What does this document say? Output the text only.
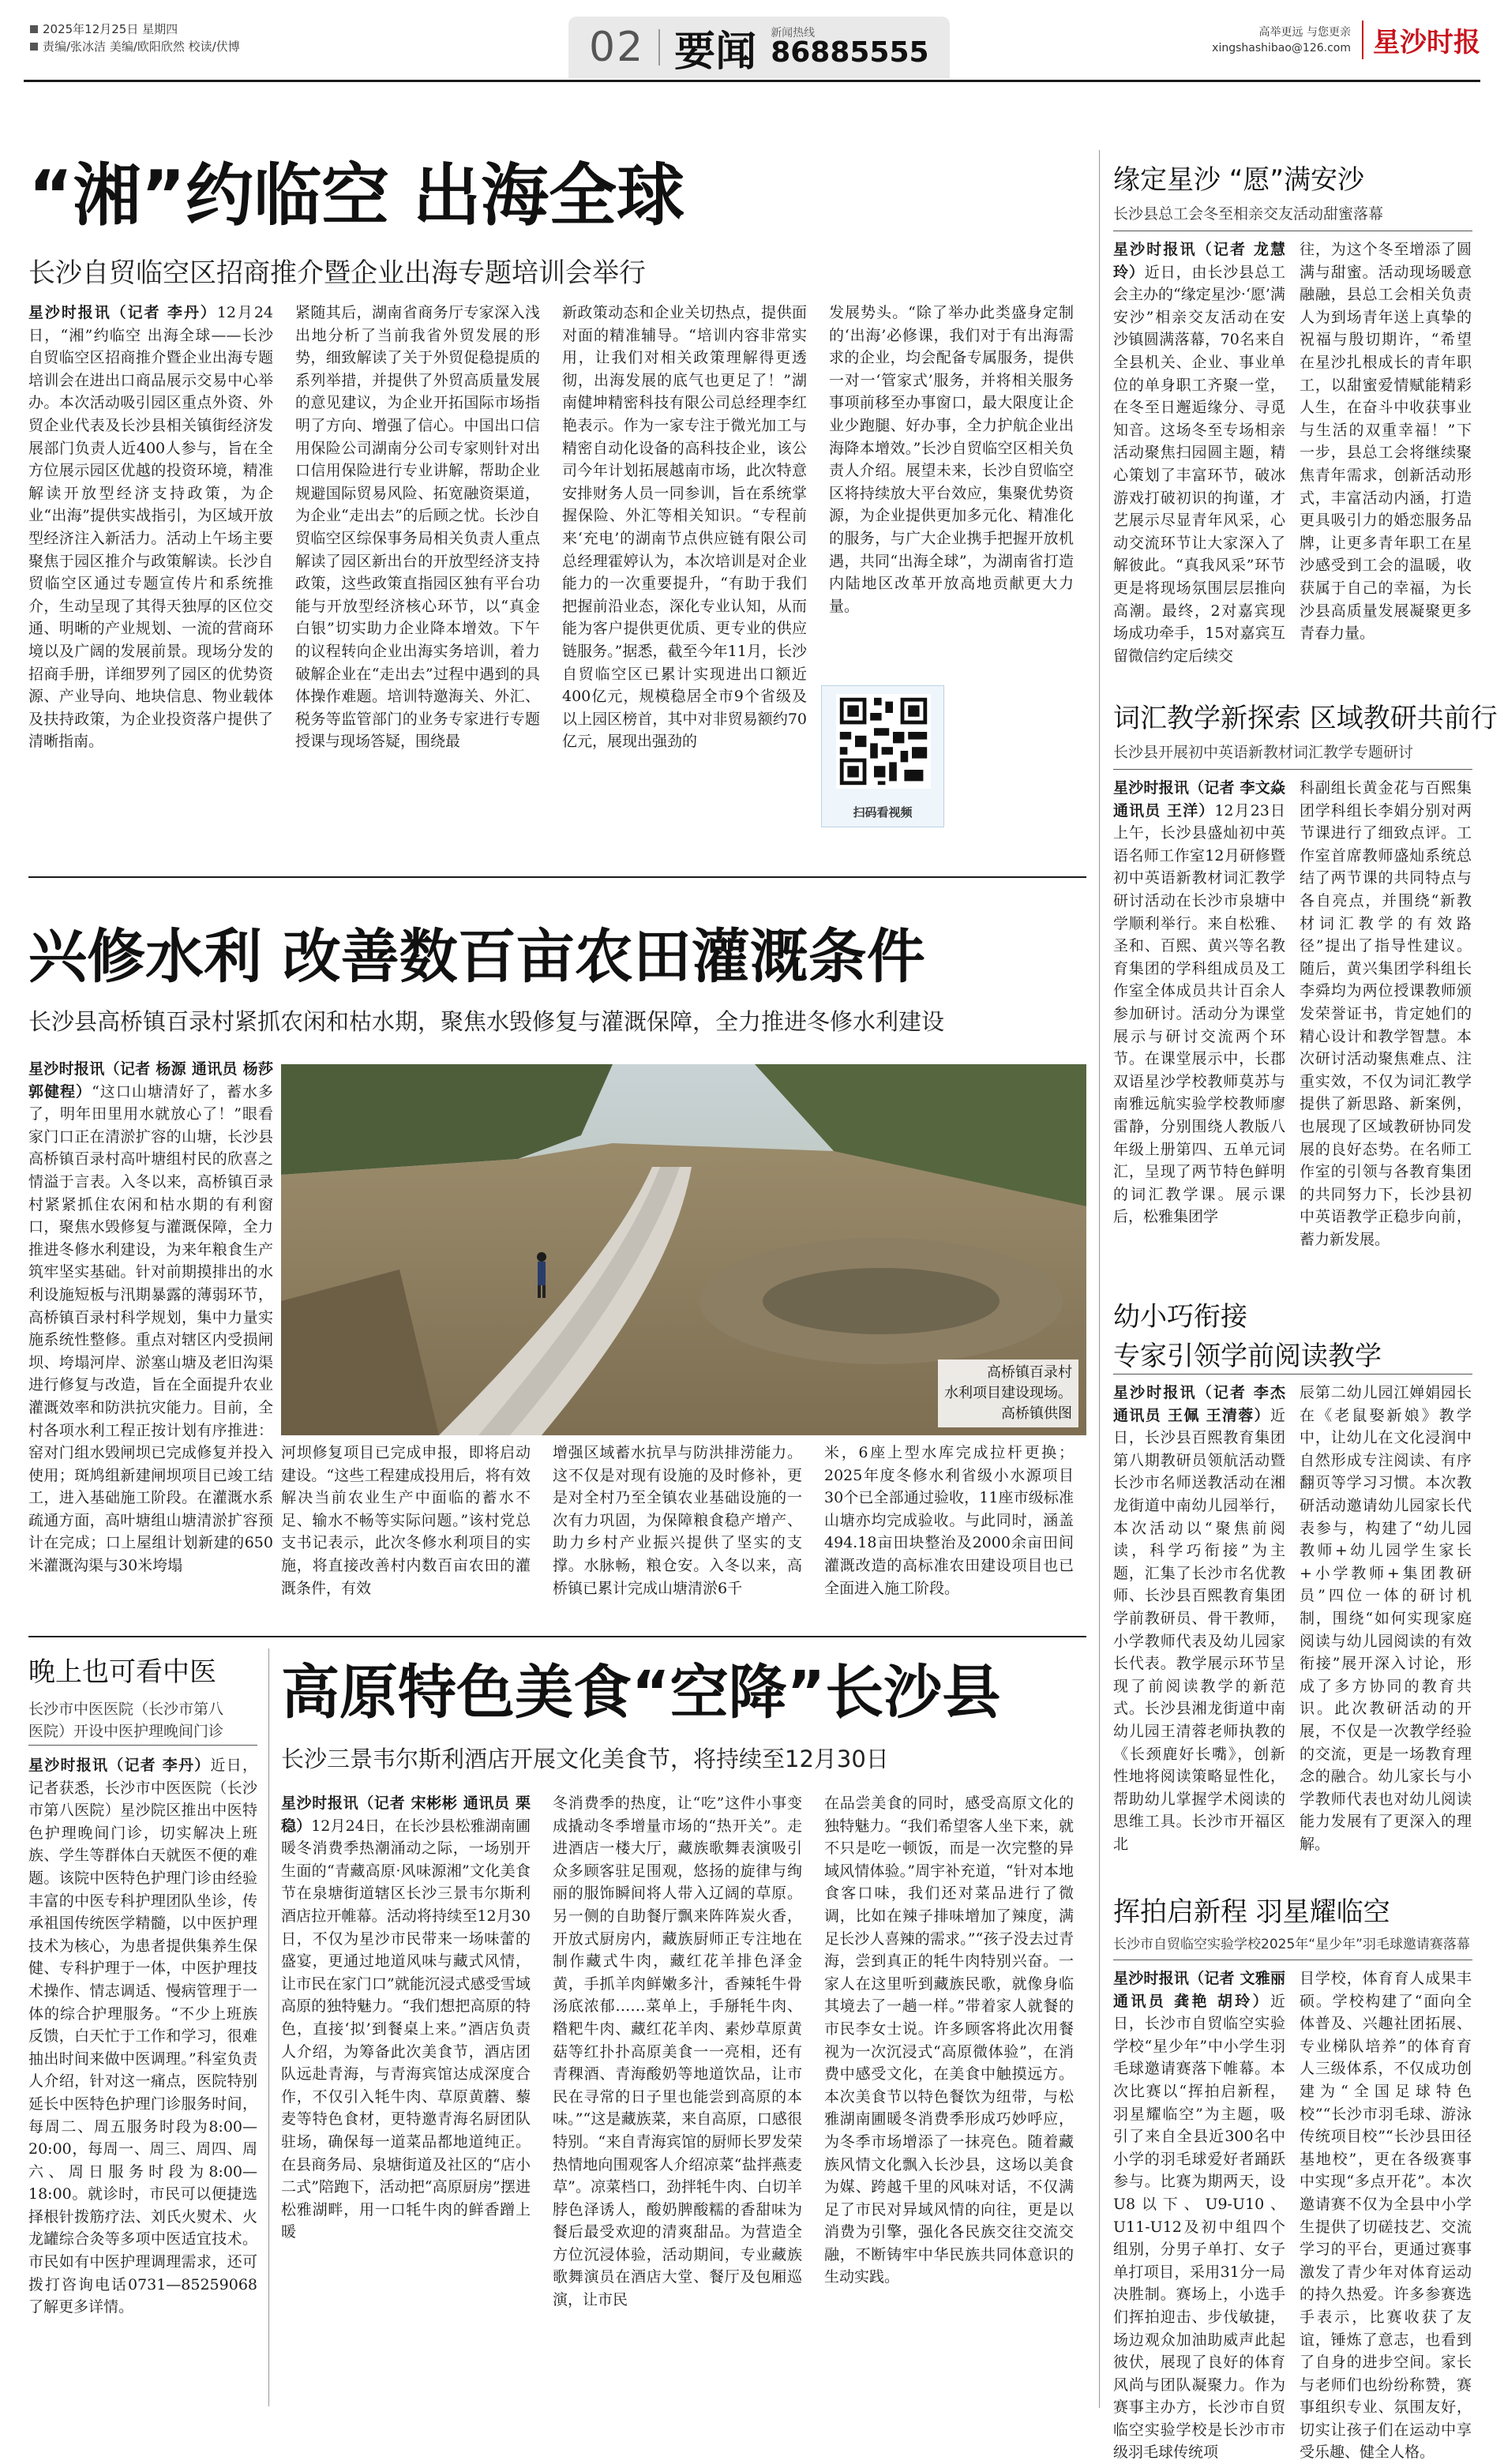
2025年12月25日 星期四
责编/张冰洁 美编/欧阳欣然 校读/伏博	02 要闻 新闻热线
86885555
高举更远 与您更亲
xingshashibao@126.com 星沙时报
“湘”约临空 出海全球
长沙自贸临空区招商推介暨企业出海专题培训会举行

星沙时报讯（记者 李丹）12月24日，“湘”约临空 出海全球——长沙自贸临空区招商推介暨企业出海专题培训会在进出口商品展示交易中心举办。本次活动吸引园区重点外资、外贸企业代表及长沙县相关镇街经济发展部门负责人近400人参与，旨在全方位展示园区优越的投资环境，精准解读开放型经济支持政策，为企业“出海”提供实战指引，为区域开放型经济注入新活力。活动上午场主要聚焦于园区推介与政策解读。长沙自贸临空区通过专题宣传片和系统推介，生动呈现了其得天独厚的区位交通、明晰的产业规划、一流的营商环境以及广阔的发展前景。现场分发的招商手册，详细罗列了园区的优势资源、产业导向、地块信息、物业载体及扶持政策，为企业投资落户提供了清晰指南。

紧随其后，湖南省商务厅专家深入浅出地分析了当前我省外贸发展的形势，细致解读了关于外贸促稳提质的系列举措，并提供了外贸高质量发展的意见建议，为企业开拓国际市场指明了方向、增强了信心。中国出口信用保险公司湖南分公司专家则针对出口信用保险进行专业讲解，帮助企业规避国际贸易风险、拓宽融资渠道，为企业“走出去”的后顾之忧。长沙自贸临空区综保事务局相关负责人重点解读了园区新出台的开放型经济支持政策，这些政策直指园区独有平台功能与开放型经济核心环节，以“真金白银”切实助力企业降本增效。下午的议程转向企业出海实务培训，着力破解企业在“走出去”过程中遇到的具体操作难题。培训特邀海关、外汇、税务等监管部门的业务专家进行专题授课与现场答疑，围绕最

新政策动态和企业关切热点，提供面对面的精准辅导。“培训内容非常实用，让我们对相关政策理解得更透彻，出海发展的底气也更足了！”湖南健坤精密科技有限公司总经理李红艳表示。作为一家专注于微光加工与精密自动化设备的高科技企业，该公司今年计划拓展越南市场，此次特意安排财务人员一同参训，旨在系统掌握保险、外汇等相关知识。“专程前来‘充电’的湖南节点供应链有限公司总经理霍婷认为，本次培训是对企业能力的一次重要提升，“有助于我们把握前沿业态，深化专业认知，从而能为客户提供更优质、更专业的供应链服务。”据悉，截至今年11月，长沙自贸临空区已累计实现进出口额近400亿元，规模稳居全市9个省级及以上园区榜首，其中对非贸易额约70亿元，展现出强劲的

发展势头。“除了举办此类盛身定制的‘出海’必修课，我们对于有出海需求的企业，均会配备专属服务，提供一对一‘管家式’服务，并将相关服务事项前移至办事窗口，最大限度让企业少跑腿、好办事，全力护航企业出海降本增效。”长沙自贸临空区相关负责人介绍。展望未来，长沙自贸临空区将持续放大平台效应，集聚优势资源，为企业提供更加多元化、精准化的服务，与广大企业携手把握开放机遇，共同“出海全球”，为湖南省打造内陆地区改革开放高地贡献更大力量。

扫码看视频
兴修水利 改善数百亩农田灌溉条件
长沙县高桥镇百录村紧抓农闲和枯水期，聚焦水毁修复与灌溉保障，全力推进冬修水利建设

星沙时报讯（记者 杨源 通讯员 杨莎 郭健程）“这口山塘清好了，蓄水多了，明年田里用水就放心了！”眼看家门口正在清淤扩容的山塘，长沙县高桥镇百录村高叶塘组村民的欣喜之情溢于言表。入冬以来，高桥镇百录村紧紧抓住农闲和枯水期的有利窗口，聚焦水毁修复与灌溉保障，全力推进冬修水利建设，为来年粮食生产筑牢坚实基础。针对前期摸排出的水利设施短板与汛期暴露的薄弱环节，高桥镇百录村科学规划，集中力量实施系统性整修。重点对辖区内受损闸坝、垮塌河岸、淤塞山塘及老旧沟渠进行修复与改造，旨在全面提升农业灌溉效率和防洪抗灾能力。目前，全村各项水利工程正按计划有序推进：窑对门组水毁闸坝已完成修复并投入使用；斑鸠组新建闸坝项目已竣工结工，进入基础施工阶段。在灌溉水系疏通方面，高叶塘组山塘清淤扩容预计在完成；口上屋组计划新建的650米灌溉沟渠与30米垮塌

高桥镇百录村
水利项目建设现场。
高桥镇供图

河坝修复项目已完成申报，即将启动建设。“这些工程建成投用后，将有效解决当前农业生产中面临的蓄水不足、输水不畅等实际问题。”该村党总支书记表示，此次冬修水利项目的实施，将直接改善村内数百亩农田的灌溉条件，有效

增强区域蓄水抗旱与防洪排涝能力。这不仅是对现有设施的及时修补，更是对全村乃至全镇农业基础设施的一次有力巩固，为保障粮食稳产增产、助力乡村产业振兴提供了坚实的支撑。水脉畅，粮仓安。入冬以来，高桥镇已累计完成山塘清淤6千

米，6座上型水库完成拉杆更换；2025年度冬修水利省级小水源项目30个已全部通过验收，11座市级标准山塘亦均完成验收。与此同时，涵盖494.18亩田块整治及2000余亩田间灌溉改造的高标准农田建设项目也已全面进入施工阶段。

晚上也可看中医
长沙市中医医院（长沙市第八
医院）开设中医护理晚间门诊

星沙时报讯（记者 李丹）近日，记者获悉，长沙市中医医院（长沙市第八医院）星沙院区推出中医特色护理晚间门诊，切实解决上班族、学生等群体白天就医不便的难题。该院中医特色护理门诊由经验丰富的中医专科护理团队坐诊，传承祖国传统医学精髓，以中医护理技术为核心，为患者提供集养生保健、专科护理于一体，中医护理技术操作、情志调适、慢病管理于一体的综合护理服务。“不少上班族反馈，白天忙于工作和学习，很难抽出时间来做中医调理。”科室负责人介绍，针对这一痛点，医院特别延长中医特色护理门诊服务时间，每周二、周五服务时段为8:00—20:00，每周一、周三、周四、周六、周日服务时段为8:00—18:00。就诊时，市民可以便捷选择根针拨筋疗法、刘氏火熨术、火龙罐综合灸等多项中医适宜技术。市民如有中医护理调理需求，还可拨打咨询电话0731—85259068了解更多详情。

高原特色美食“空降”长沙县
长沙三景韦尔斯利酒店开展文化美食节，将持续至12月30日

星沙时报讯（记者 宋彬彬 通讯员 栗稳）12月24日，在长沙县松雅湖南圃暖冬消费季热潮涌动之际，一场别开生面的“青藏高原·风味源湘”文化美食节在泉塘街道辖区长沙三景韦尔斯利酒店拉开帷幕。活动将持续至12月30日，不仅为星沙市民带来一场味蕾的盛宴，更通过地道风味与藏式风情，让市民在家门口”就能沉浸式感受雪域高原的独特魅力。“我们想把高原的特色，直接‘拟’到餐桌上来。”酒店负责人介绍，为筹备此次美食节，酒店团队远赴青海，与青海宾馆达成深度合作，不仅引入牦牛肉、草原黄蘑、藜麦等特色食材，更特邀青海名厨团队驻场，确保每一道菜品都地道纯正。在县商务局、泉塘街道及社区的“店小二式”陪跑下，活动把“高原厨房”摆进松雅湖畔，用一口牦牛肉的鲜香蹭上暖

冬消费季的热度，让“吃”这件小事变成撬动冬季增量市场的“热开关”。走进酒店一楼大厅，藏族歌舞表演吸引众多顾客驻足围观，悠扬的旋律与绚丽的服饰瞬间将人带入辽阔的草原。另一侧的自助餐厅飘来阵阵炭火香，开放式厨房内，藏族厨师正专注地在制作藏式牛肉，藏红花羊排色泽金黄，手抓羊肉鲜嫩多汁，香辣牦牛骨汤底浓郁……菜单上，手掰牦牛肉、糌粑牛肉、藏红花羊肉、素炒草原黄菇等红扑扑高原美食一一亮相，还有青稞酒、青海酸奶等地道饮品，让市民在寻常的日子里也能尝到高原的本味。”“这是藏族菜，来自高原，口感很特别。“来自青海宾馆的厨师长罗发荣热情地向围观客人介绍凉菜“盐拌燕麦草”。凉菜档口，劲拌牦牛肉、白切羊脖色泽诱人，酸奶脾酸糯的香甜味为餐后最受欢迎的清爽甜品。为营造全方位沉浸体验，活动期间，专业藏族歌舞演员在酒店大堂、餐厅及包厢巡演，让市民

在品尝美食的同时，感受高原文化的独特魅力。“我们希望客人坐下来，就不只是吃一顿饭，而是一次完整的异域风情体验。”周宇补充道，“针对本地食客口味，我们还对菜品进行了微调，比如在辣子排味增加了辣度，满足长沙人喜辣的需求。”“孩子没去过青海，尝到真正的牦牛肉特别兴奋。一家人在这里听到藏族民歌，就像身临其境去了一趟一样。”带着家人就餐的市民李女士说。许多顾客将此次用餐视为一次沉浸式“高原微体验”，在消费中感受文化，在美食中触摸远方。本次美食节以特色餐饮为纽带，与松雅湖南圃暖冬消费季形成巧妙呼应，为冬季市场增添了一抹亮色。随着藏族风情文化飘入长沙县，这场以美食为媒、跨越千里的风味对话，不仅满足了市民对异域风情的向往，更是以消费为引擎，强化各民族交往交流交融，不断铸牢中华民族共同体意识的生动实践。

缘定星沙 “愿”满安沙
长沙县总工会冬至相亲交友活动甜蜜落幕

星沙时报讯（记者 龙慧玲）近日，由长沙县总工会主办的“缘定星沙·‘愿’满安沙”相亲交友活动在安沙镇圆满落幕，70名来自全县机关、企业、事业单位的单身职工齐聚一堂，在冬至日邂逅缘分、寻觅知音。这场冬至专场相亲活动聚焦扫园圆主题，精心策划了丰富环节，破冰游戏打破初识的拘谨，才艺展示尽显青年风采，心动交流环节让大家深入了解彼此。“真我风采”环节更是将现场氛围层层推向高潮。最终，2对嘉宾现场成功牵手，15对嘉宾互留微信约定后续交

往，为这个冬至增添了圆满与甜蜜。活动现场暖意融融，县总工会相关负责人为到场青年送上真挚的祝福与殷切期许，“希望在星沙扎根成长的青年职工，以甜蜜爱情赋能精彩人生，在奋斗中收获事业与生活的双重幸福！”下一步，县总工会将继续聚焦青年需求，创新活动形式，丰富活动内涵，打造更具吸引力的婚恋服务品牌，让更多青年职工在星沙感受到工会的温暖，收获属于自己的幸福，为长沙县高质量发展凝聚更多青春力量。

词汇教学新探索 区域教研共前行
长沙县开展初中英语新教材词汇教学专题研讨

星沙时报讯（记者 李文焱 通讯员 王洋）12月23日上午，长沙县盛灿初中英语名师工作室12月研修暨初中英语新教材词汇教学研讨活动在长沙市泉塘中学顺利举行。来自松雅、圣和、百熙、黄兴等名教育集团的学科组成员及工作室全体成员共计百余人参加研讨。活动分为课堂展示与研讨交流两个环节。在课堂展示中，长郡双语星沙学校教师莫苏与南雅远航实验学校教师廖雷静，分别围绕人教版八年级上册第四、五单元词汇，呈现了两节特色鲜明的词汇教学课。展示课后，松雅集团学

科副组长黄金花与百熙集团学科组长李娟分别对两节课进行了细致点评。工作室首席教师盛灿系统总结了两节课的共同特点与各自亮点，并围绕“新教材词汇教学的有效路径”提出了指导性建议。随后，黄兴集团学科组长李舜均为两位授课教师颁发荣誉证书，肯定她们的精心设计和教学智慧。本次研讨活动聚焦难点、注重实效，不仅为词汇教学提供了新思路、新案例，也展现了区域教研协同发展的良好态势。在名师工作室的引领与各教育集团的共同努力下，长沙县初中英语教学正稳步向前，蓄力新发展。

幼小巧衔接
专家引领学前阅读教学

星沙时报讯（记者 李杰 通讯员 王佩 王清蓉）近日，长沙县百熙教育集团第八期教研员领航活动暨长沙市名师送教活动在湘龙街道中南幼儿园举行，本次活动以“聚焦前阅读，科学巧衔接”为主题，汇集了长沙市名优教师、长沙县百熙教育集团学前教研员、骨干教师，小学教师代表及幼儿园家长代表。教学展示环节呈现了前阅读教学的新范式。长沙县湘龙街道中南幼儿园王清蓉老师执教的《长颈鹿好长嘴》，创新性地将阅读策略显性化，帮助幼儿掌握学术阅读的思维工具。长沙市开福区北

辰第二幼儿园江婵娟园长在《老鼠娶新娘》教学中，让幼儿在文化浸润中自然形成专注阅读、有序翻页等学习习惯。本次教研活动邀请幼儿园家长代表参与，构建了“幼儿园教师+幼儿园学生家长+小学教师+集团教研员”四位一体的研讨机制，围绕“如何实现家庭阅读与幼儿园阅读的有效衔接”展开深入讨论，形成了多方协同的教育共识。此次教研活动的开展，不仅是一次教学经验的交流，更是一场教育理念的融合。幼儿家长与小学教师代表也对幼儿阅读能力发展有了更深入的理解。

挥拍启新程 羽星耀临空
长沙市自贸临空实验学校2025年“星少年”羽毛球邀请赛落幕

星沙时报讯（记者 文雅丽 通讯员 龚艳 胡玲）近日，长沙市自贸临空实验学校“星少年”中小学生羽毛球邀请赛落下帷幕。本次比赛以“挥拍启新程，羽星耀临空”为主题，吸引了来自全县近300名中小学的羽毛球爱好者踊跃参与。比赛为期两天，设U8以下、U9-U10、U11-U12及初中组四个组别，分男子单打、女子单打项目，采用31分一局决胜制。赛场上，小选手们挥拍迎击、步伐敏捷，场边观众加油助威声此起彼伏，展现了良好的体育风尚与团队凝聚力。作为赛事主办方，长沙市自贸临空实验学校是长沙市市级羽毛球传统项

目学校，体育育人成果丰硕。学校构建了“面向全体普及、兴趣社团拓展、专业梯队培养”的体育育人三级体系，不仅成功创建为“全国足球特色校”“长沙市羽毛球、游泳传统项目校”“长沙县田径基地校”，更在各级赛事中实现“多点开花”。本次邀请赛不仅为全县中小学生提供了切磋技艺、交流学习的平台，更通过赛事激发了青少年对体育运动的持久热爱。许多参赛选手表示，比赛收获了友谊，锤炼了意志，也看到了自身的进步空间。家长与老师们也纷纷称赞，赛事组织专业、氛围友好，切实让孩子们在运动中享受乐趣、健全人格。
